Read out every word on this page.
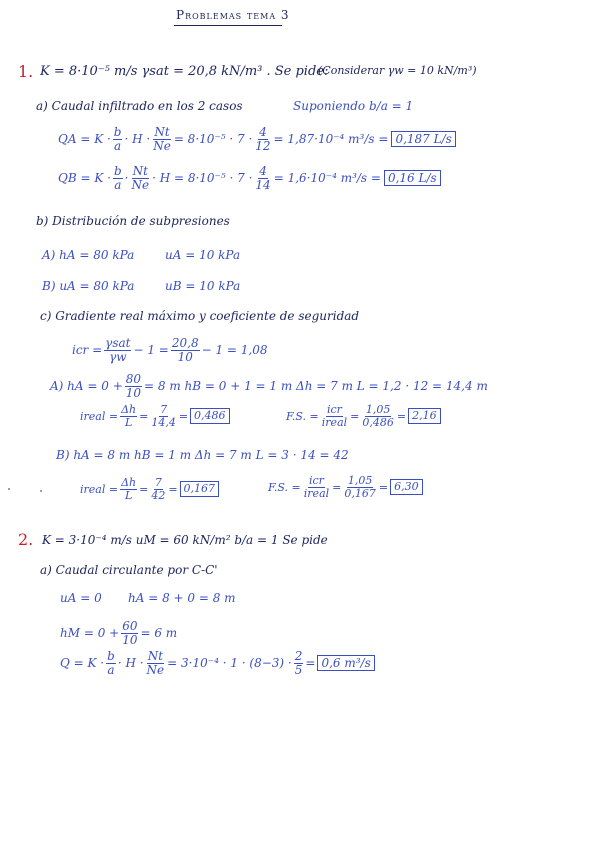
Problemas tema 3
1. K = 8·10⁻⁵ m/s γsat = 20,8 kN/m³ . Se pide:
(Considerar γw = 10 kN/m³)
a) Caudal infiltrado en los 2 casos	Suponiendo b/a = 1
QA = $K \cdot \frac{b}{a} \cdot H \cdot \frac{Nt}{Ne} = 8\cdot 10^{-5} \cdot 7 \cdot \frac{4}{12} = 1,87\cdot 10^{-4}$ m³/s = 0,187 L/s
QB = $K \cdot \frac{b}{a} \cdot \frac{Nt}{Ne} \cdot H = 8\cdot 10^{-5} \cdot 7 \cdot \frac{4}{14} = 1,6\cdot 10^{-4}$ m³/s = 0,16 L/s
b) Distribución de subpresiones
A) hA = 80 kPa	uA = 10 kPa
B) uA = 80 kPa	uB = 10 kPa
c) Gradiente real máximo y coeficiente de seguridad
icr = $\frac{\text{γsat}}{\gamma w} - 1 = \frac{20,8}{10} - 1 = 1,08$
A) hA = $0 + \frac{80}{10} = 8$ m hB = 0 + 1 = 1 m Δh = 7 m L = 1,2 · 12 = 14,4 m
ireal = $\frac{\Delta h}{L} = \frac{7}{14,4} = 0,486$	F.S. = $\frac{\text{icr}}{\text{ireal}} = \frac{1,05}{0,486} = 2,16$
B) hA = 8 m hB = 1 m Δh = 7 m L = 3 · 14 = 42
ireal = $\frac{\Delta h}{L} = \frac{7}{42} = 0,167$	F.S. = $\frac{\text{icr}}{\text{ireal}} = \frac{1,05}{0,167} = 6,30$
2. K = 3·10⁻⁴ m/s uM = 60 kN/m² b/a = 1 Se pide
a) Caudal circulante por C-C'
uA = 0 hA = 8 + 0 = 8 m
hM = $0 + \frac{60}{10} = 6$ m
$Q = K \cdot \frac{b}{a} \cdot H \cdot \frac{Nt}{Ne} = 3\cdot 10^{-4} \cdot 1 \cdot (8-3) \cdot \frac{2}{5} = 0,6$ m³/s
